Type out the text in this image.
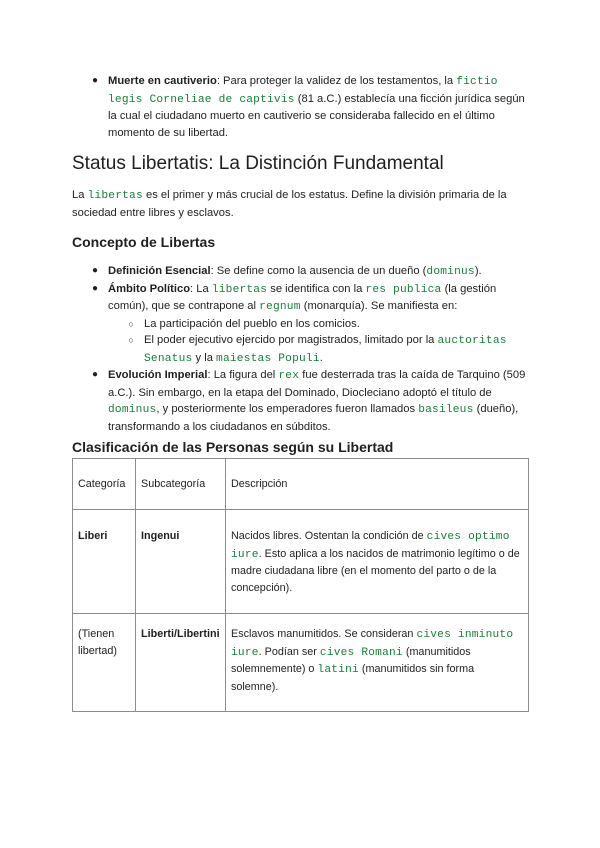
● Muerte en cautiverio: Para proteger la validez de los testamentos, la fictio legis Corneliae de captivis (81 a.C.) establecía una ficción jurídica según la cual el ciudadano muerto en cautiverio se consideraba fallecido en el último momento de su libertad.
Status Libertatis: La Distinción Fundamental
La libertas es el primer y más crucial de los estatus. Define la división primaria de la sociedad entre libres y esclavos.
Concepto de Libertas
● Definición Esencial: Se define como la ausencia de un dueño (dominus).
● Ámbito Político: La libertas se identifica con la res publica (la gestión común), que se contrapone al regnum (monarquía). Se manifiesta en:
○ La participación del pueblo en los comicios.
○ El poder ejecutivo ejercido por magistrados, limitado por la auctoritas Senatus y la maiestas Populi.
● Evolución Imperial: La figura del rex fue desterrada tras la caída de Tarquino (509 a.C.). Sin embargo, en la etapa del Dominado, Diocleciano adoptó el título de dominus, y posteriormente los emperadores fueron llamados basileus (dueño), transformando a los ciudadanos en súbditos.
Clasificación de las Personas según su Libertad
Categoría	Subcategoría	Descripción

Liberi	Ingenui	Nacidos libres. Ostentan la condición de cives optimo iure. Esto aplica a los nacidos de matrimonio legítimo o de madre ciudadana libre (en el momento del parto o de la concepción).

(Tienen libertad)	Liberti/Libertini	Esclavos manumitidos. Se consideran cives inminuto iure. Podían ser cives Romani (manumitidos solemnemente) o latini (manumitidos sin forma solemne).
